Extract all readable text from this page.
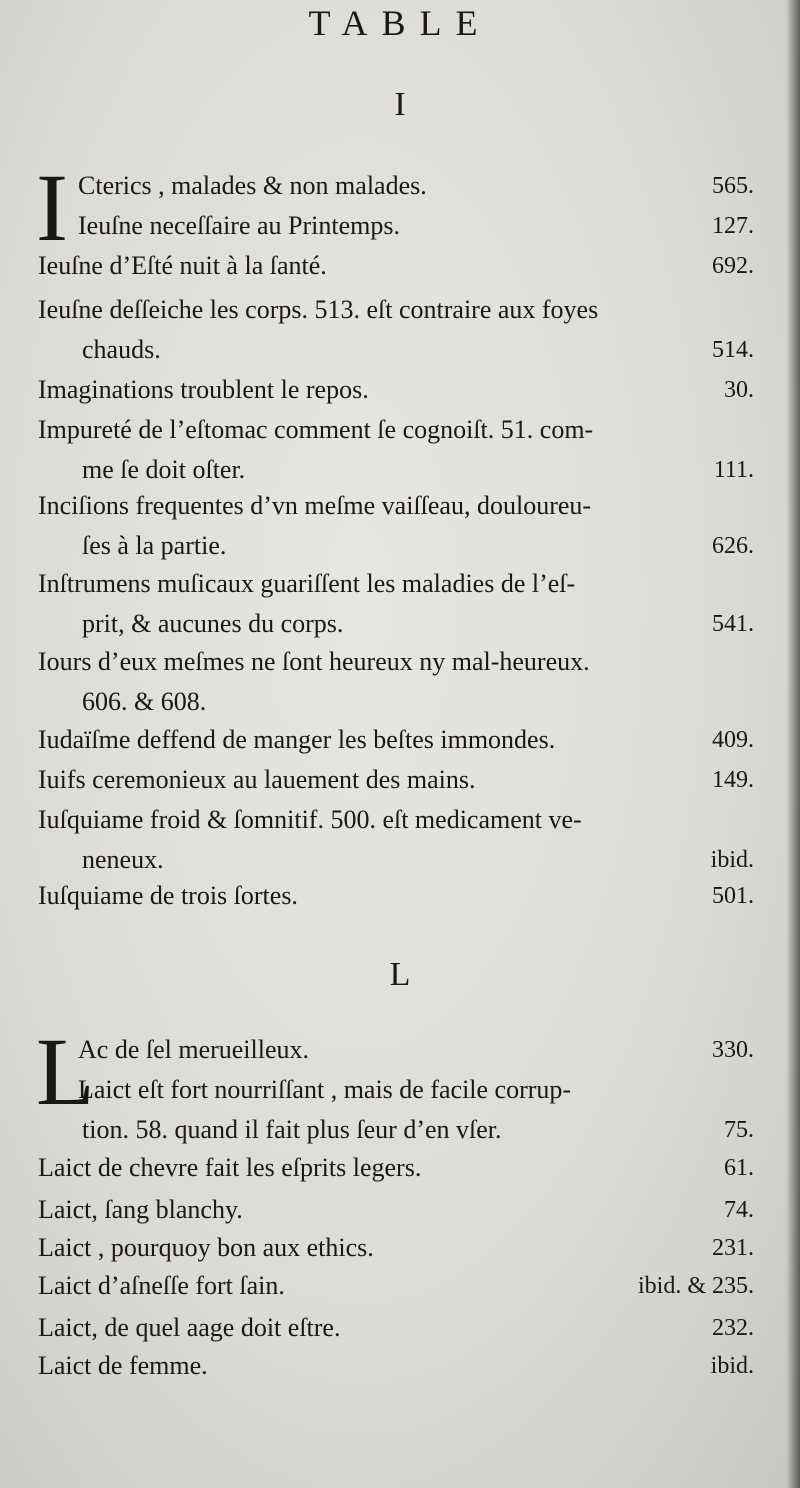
TABLE
I
I Cterics , malades & non malades.	565.
Ieuſne neceſſaire au Printemps.	127.
Ieuſne d’Eſté nuit à la ſanté.	692.
Ieuſne deſſeiche les corps. 513. eſt contraire aux foyes
chauds.	514.
Imaginations troublent le repos.	30.
Impureté de l’eſtomac comment ſe cognoiſt. 51. com-
me ſe doit oſter.	111.
Inciſions frequentes d’vn meſme vaiſſeau, douloureu-
ſes à la partie.	626.
Inſtrumens muſicaux guariſſent les maladies de l’eſ-
prit, & aucunes du corps.	541.
Iours d’eux meſmes ne ſont heureux ny mal-heureux.
606. & 608.
Iudaïſme deffend de manger les beſtes immondes.	409.
Iuifs ceremonieux au lauement des mains.	149.
Iuſquiame froid & ſomnitif. 500. eſt medicament ve-
neneux.	ibid.
Iuſquiame de trois ſortes.	501.
L
L
Ac de ſel merueilleux.	330.
Laict eſt fort nourriſſant , mais de facile corrup-
tion. 58. quand il fait plus ſeur d’en vſer.	75.
Laict de chevre fait les eſprits legers.	61.
Laict, ſang blanchy.	74.
Laict , pourquoy bon aux ethics.	231.
Laict d’aſneſſe fort ſain.	ibid. & 235.
Laict, de quel aage doit eſtre.	232.
Laict de femme.	ibid.
